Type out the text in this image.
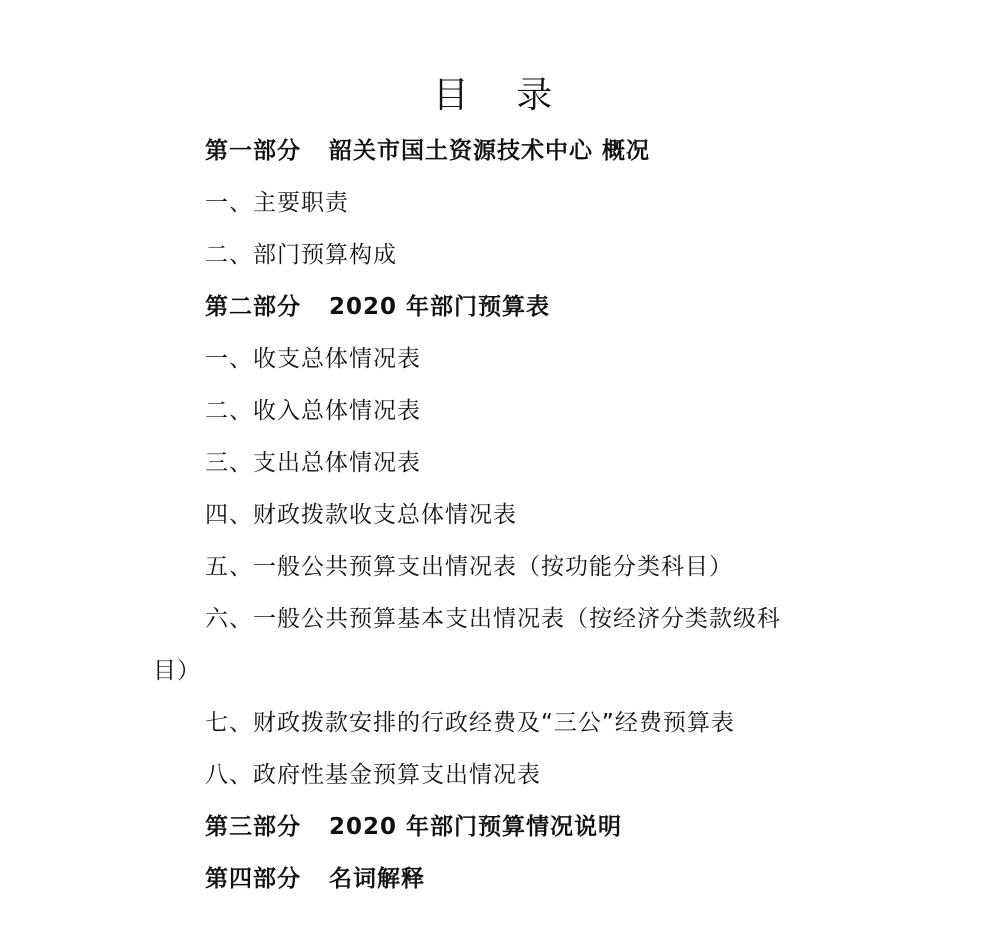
目 录
第一部分 韶关市国土资源技术中心 概况
一、主要职责
二、部门预算构成
第二部分 2020 年部门预算表
一、收支总体情况表
二、收入总体情况表
三、支出总体情况表
四、财政拨款收支总体情况表
五、一般公共预算支出情况表（按功能分类科目）
六、一般公共预算基本支出情况表（按经济分类款级科
目）
七、财政拨款安排的行政经费及“三公”经费预算表
八、政府性基金预算支出情况表
第三部分 2020 年部门预算情况说明
第四部分 名词解释
